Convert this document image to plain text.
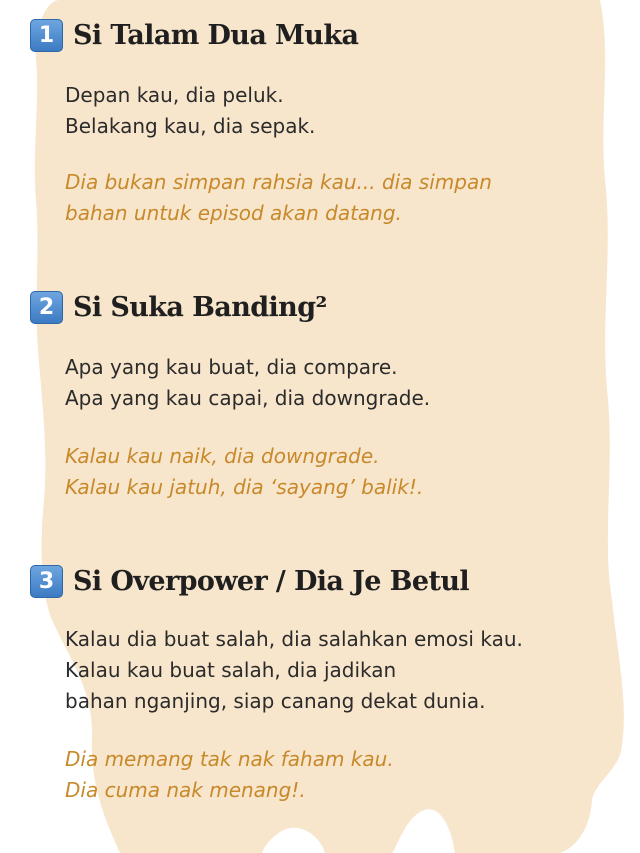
1 Si Talam Dua Muka
Depan kau, dia peluk.
Belakang kau, dia sepak.
Dia bukan simpan rahsia kau... dia simpan
bahan untuk episod akan datang.
2 Si Suka Banding²
Apa yang kau buat, dia compare.
Apa yang kau capai, dia downgrade.
Kalau kau naik, dia downgrade.
Kalau kau jatuh, dia ‘sayang’ balik!.
3 Si Overpower / Dia Je Betul
Kalau dia buat salah, dia salahkan emosi kau.
Kalau kau buat salah, dia jadikan
bahan nganjing, siap canang dekat dunia.
Dia memang tak nak faham kau.
Dia cuma nak menang!.
